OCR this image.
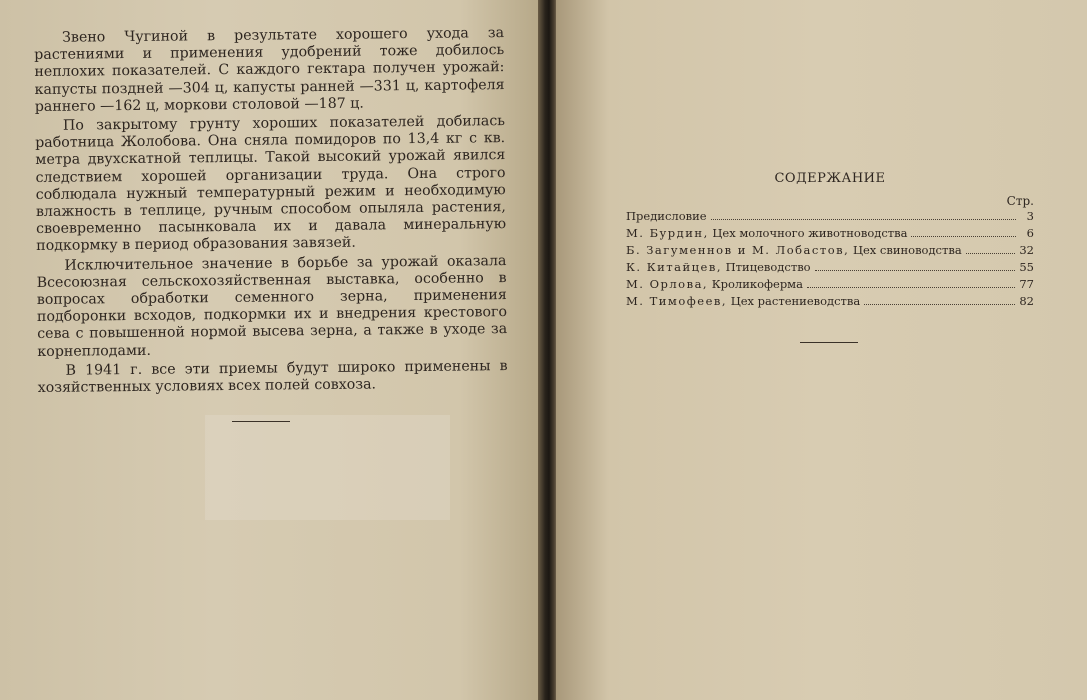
Звено Чугиной в результате хорошего ухода за растениями и применения удобрений тоже добилось неплохих показателей. С каждого гектара получен урожай: капусты поздней —304 ц, капусты ранней —331 ц, картофеля раннего —162 ц, моркови столовой —187 ц.

По закрытому грунту хороших показателей добилась работница Жолобова. Она сняла помидоров по 13,4 кг с кв. метра двухскатной теплицы. Такой высокий урожай явился следствием хорошей организации труда. Она строго соблюдала нужный температурный режим и необходимую влажность в теплице, ручным способом опыляла растения, своевременно пасынковала их и давала минеральную подкормку в период образования завязей.

Исключительное значение в борьбе за урожай оказала Всесоюзная сельскохозяйственная выставка, особенно в вопросах обработки семенного зерна, применения подборонки всходов, подкормки их и внедрения крестового сева с повышенной нормой высева зерна, а также в уходе за корнеплодами.

В 1941 г. все эти приемы будут широко применены в хозяйственных условиях всех полей совхоза.

СОДЕРЖАНИЕ
Стр.
Предисловие	3
М. Бурдин, Цех молочного животноводства	6
Б. Загуменнов и М. Лобастов, Цех свиноводства	32
К. Китайцев, Птицеводство	55
М. Орлова, Кроликоферма	77
М. Тимофеев, Цех растениеводства	82
